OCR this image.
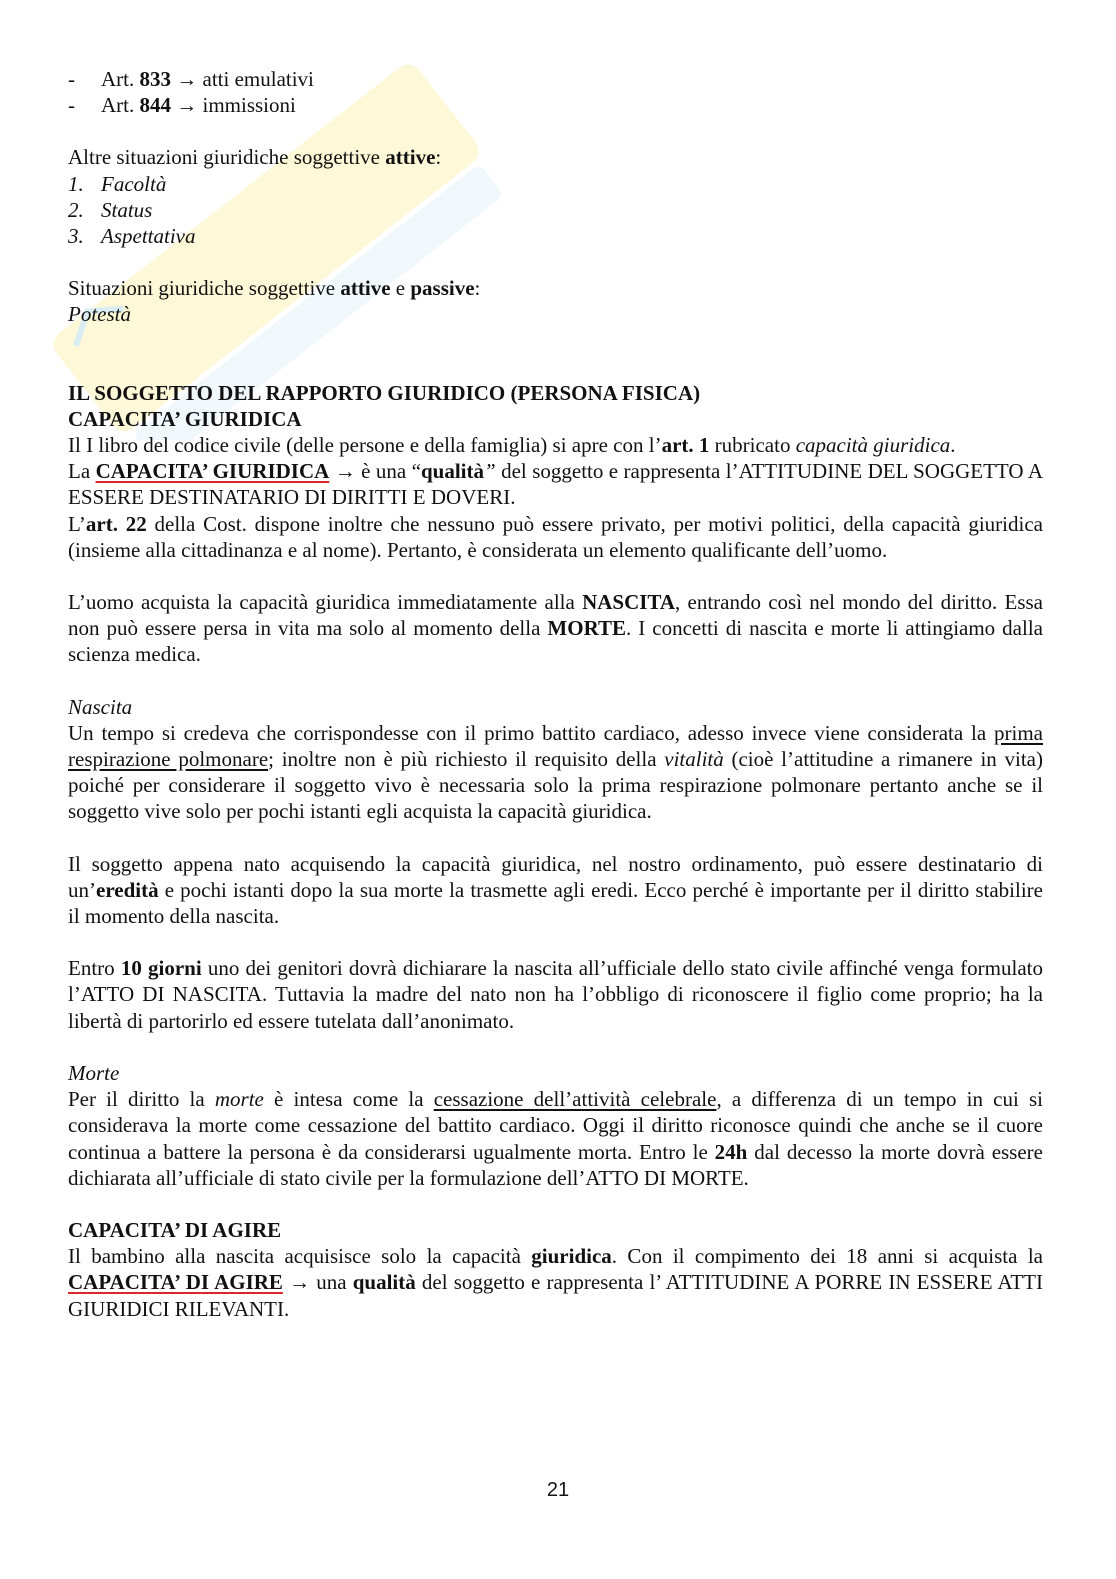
-	Art. 833 → atti emulativi
-	Art. 844 → immissioni
Altre situazioni giuridiche soggettive attive:
1. Facoltà
2. Status
3. Aspettativa
Situazioni giuridiche soggettive attive e passive:
Potestà
IL SOGGETTO DEL RAPPORTO GIURIDICO (PERSONA FISICA)
CAPACITA’ GIURIDICA
Il I libro del codice civile (delle persone e della famiglia) si apre con l’art. 1 rubricato capacità giuridica.
La CAPACITA’ GIURIDICA → è una “qualità” del soggetto e rappresenta l’ATTITUDINE DEL SOGGETTO A ESSERE DESTINATARIO DI DIRITTI E DOVERI.
L’art. 22 della Cost. dispone inoltre che nessuno può essere privato, per motivi politici, della capacità giuridica (insieme alla cittadinanza e al nome). Pertanto, è considerata un elemento qualificante dell’uomo.
L’uomo acquista la capacità giuridica immediatamente alla NASCITA, entrando così nel mondo del diritto. Essa non può essere persa in vita ma solo al momento della MORTE. I concetti di nascita e morte li attingiamo dalla scienza medica.
Nascita
Un tempo si credeva che corrispondesse con il primo battito cardiaco, adesso invece viene considerata la prima respirazione polmonare; inoltre non è più richiesto il requisito della vitalità (cioè l’attitudine a rimanere in vita) poiché per considerare il soggetto vivo è necessaria solo la prima respirazione polmonare pertanto anche se il soggetto vive solo per pochi istanti egli acquista la capacità giuridica.
Il soggetto appena nato acquisendo la capacità giuridica, nel nostro ordinamento, può essere destinatario di un’eredità e pochi istanti dopo la sua morte la trasmette agli eredi. Ecco perché è importante per il diritto stabilire il momento della nascita.
Entro 10 giorni uno dei genitori dovrà dichiarare la nascita all’ufficiale dello stato civile affinché venga formulato l’ATTO DI NASCITA. Tuttavia la madre del nato non ha l’obbligo di riconoscere il figlio come proprio; ha la libertà di partorirlo ed essere tutelata dall’anonimato.
Morte
Per il diritto la morte è intesa come la cessazione dell’attività celebrale, a differenza di un tempo in cui si considerava la morte come cessazione del battito cardiaco. Oggi il diritto riconosce quindi che anche se il cuore continua a battere la persona è da considerarsi ugualmente morta. Entro le 24h dal decesso la morte dovrà essere dichiarata all’ufficiale di stato civile per la formulazione dell’ATTO DI MORTE.
CAPACITA’ DI AGIRE
Il bambino alla nascita acquisisce solo la capacità giuridica. Con il compimento dei 18 anni si acquista la CAPACITA’ DI AGIRE → una qualità del soggetto e rappresenta l’ ATTITUDINE A PORRE IN ESSERE ATTI GIURIDICI RILEVANTI.
21
